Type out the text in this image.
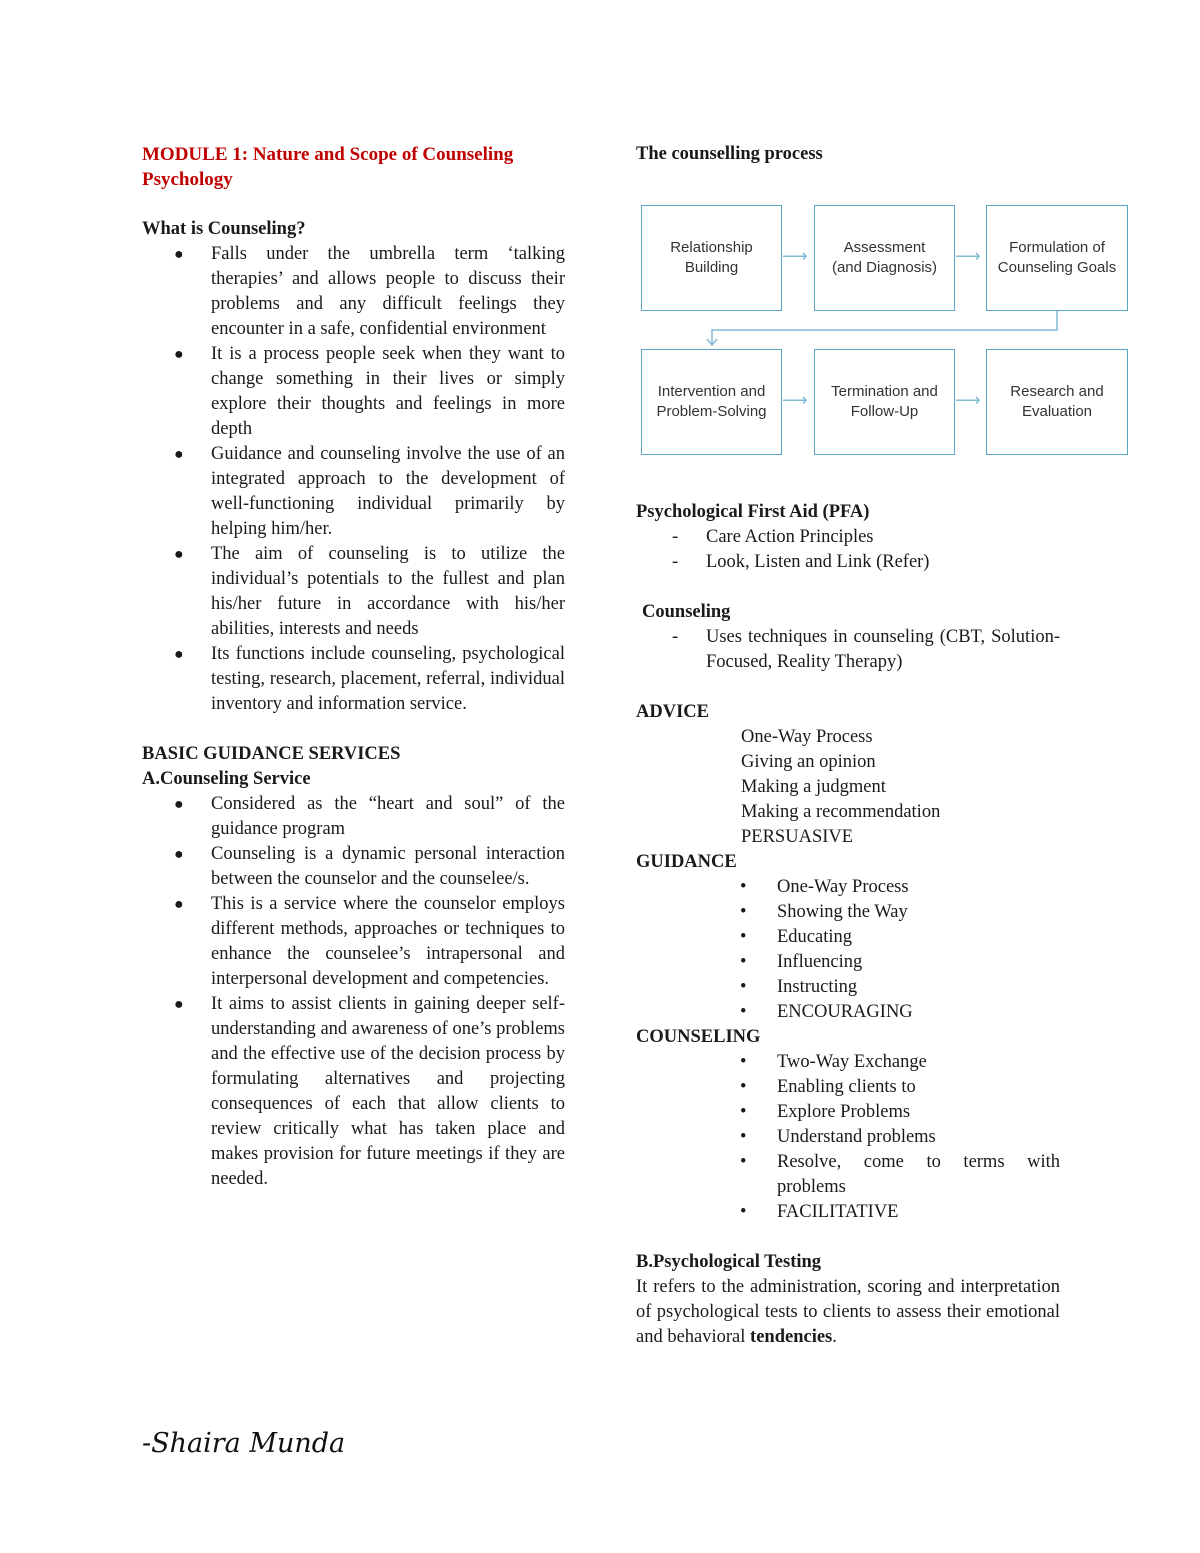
MODULE 1: Nature and Scope of Counseling Psychology

What is Counseling?

● Falls under the umbrella term ‘talking therapies’ and allows people to discuss their problems and any difficult feelings they encounter in a safe, confidential environment
● It is a process people seek when they want to change something in their lives or simply explore their thoughts and feelings in more depth
● Guidance and counseling involve the use of an integrated approach to the development of well-functioning individual primarily by helping him/her.
● The aim of counseling is to utilize the individual’s potentials to the fullest and plan his/her future in accordance with his/her abilities, interests and needs
● Its functions include counseling, psychological testing, research, placement, referral, individual inventory and information service.

BASIC GUIDANCE SERVICES

A.Counseling Service

● Considered as the “heart and soul” of the guidance program
● Counseling is a dynamic personal interaction between the counselor and the counselee/s.
● This is a service where the counselor employs different methods, approaches or techniques to enhance the counselee’s intrapersonal and interpersonal development and competencies.
● It aims to assist clients in gaining deeper self-understanding and awareness of one’s problems and the effective use of the decision process by formulating alternatives and projecting consequences of each that allow clients to review critically what has taken place and makes provision for future meetings if they are needed.

The counselling process

Relationship
Building
⟶	Assessment
(and Diagnosis)
⟶	Formulation of
Counseling Goals
Intervention and
Problem-Solving
⟶ Termination and
Follow-Up
⟶ Research and
Evaluation

Psychological First Aid (PFA)

- Care Action Principles
- Look, Listen and Link (Refer)

Counseling

- Uses techniques in counseling (CBT, Solution-Focused, Reality Therapy)

ADVICE

One-Way Process
Giving an opinion
Making a judgment
Making a recommendation
PERSUASIVE

GUIDANCE

• One-Way Process
• Showing the Way
• Educating
• Influencing
• Instructing
• ENCOURAGING

COUNSELING

• Two-Way Exchange
• Enabling clients to
• Explore Problems
• Understand problems
• Resolve, come to terms with problems
• FACILITATIVE

B.Psychological Testing

It refers to the administration, scoring and interpretation of psychological tests to clients to assess their emotional and behavioral tendencies.

-Shaira Munda
